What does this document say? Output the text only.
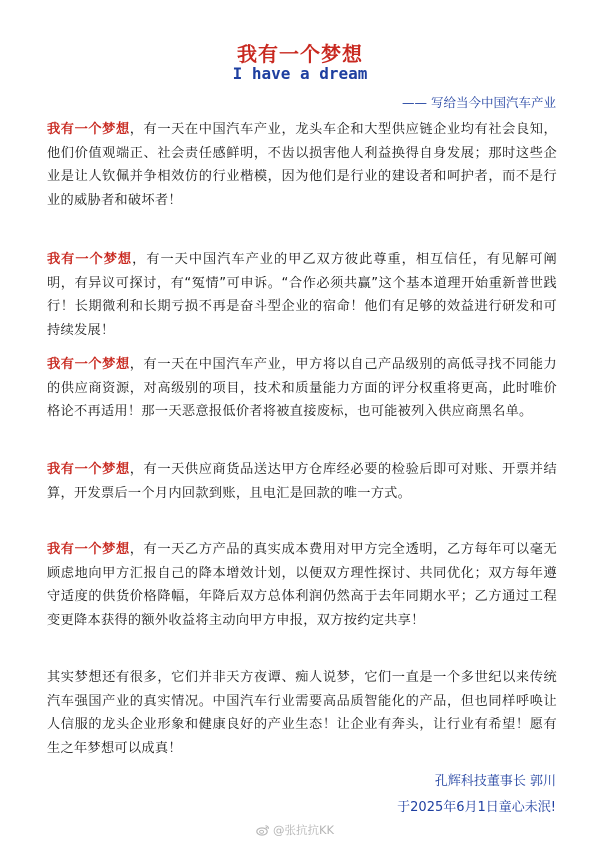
我有一个梦想
I have a dream

—— 写给当今中国汽车产业

我有一个梦想，有一天在中国汽车产业，龙头车企和大型供应链企业均有社会良知，他们价值观端正、社会责任感鲜明，不齿以损害他人利益换得自身发展；那时这些企业是让人钦佩并争相效仿的行业楷模，因为他们是行业的建设者和呵护者，而不是行业的威胁者和破坏者！

我有一个梦想，有一天中国汽车产业的甲乙双方彼此尊重，相互信任，有见解可阐明，有异议可探讨，有“冤情”可申诉。“合作必须共赢”这个基本道理开始重新普世践行！长期微利和长期亏损不再是奋斗型企业的宿命！他们有足够的效益进行研发和可持续发展！

我有一个梦想，有一天在中国汽车产业，甲方将以自己产品级别的高低寻找不同能力的供应商资源，对高级别的项目，技术和质量能力方面的评分权重将更高，此时唯价格论不再适用！那一天恶意报低价者将被直接废标，也可能被列入供应商黑名单。

我有一个梦想，有一天供应商货品送达甲方仓库经必要的检验后即可对账、开票并结算，开发票后一个月内回款到账，且电汇是回款的唯一方式。

我有一个梦想，有一天乙方产品的真实成本费用对甲方完全透明，乙方每年可以毫无顾虑地向甲方汇报自己的降本增效计划，以便双方理性探讨、共同优化；双方每年遵守适度的供货价格降幅，年降后双方总体利润仍然高于去年同期水平；乙方通过工程变更降本获得的额外收益将主动向甲方申报，双方按约定共享！

其实梦想还有很多，它们并非天方夜谭、痴人说梦，它们一直是一个多世纪以来传统汽车强国产业的真实情况。中国汽车行业需要高品质智能化的产品，但也同样呼唤让人信服的龙头企业形象和健康良好的产业生态！让企业有奔头，让行业有希望！愿有生之年梦想可以成真！

孔辉科技董事长 郭川

于2025年6月1日童心未泯!

@张抗抗KK
